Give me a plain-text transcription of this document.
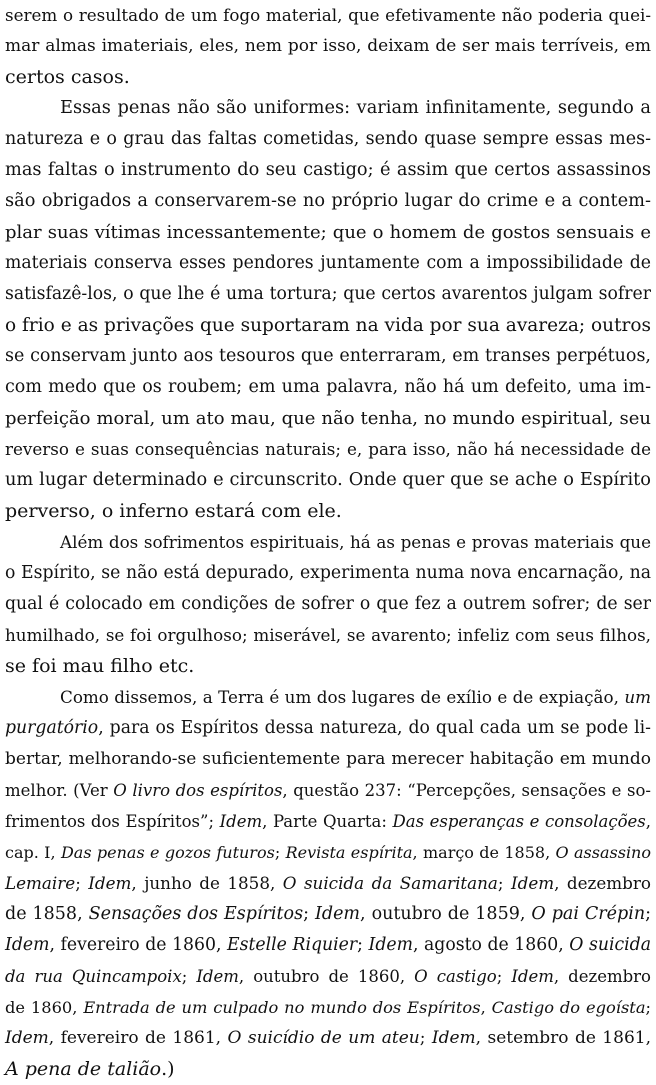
serem o resultado de um fogo material, que efetivamente não poderia quei-
mar almas imateriais, eles, nem por isso, deixam de ser mais terríveis, em
certos casos.
Essas penas não são uniformes: variam infinitamente, segundo a
natureza e o grau das faltas cometidas, sendo quase sempre essas mes-
mas faltas o instrumento do seu castigo; é assim que certos assassinos
são obrigados a conservarem-se no próprio lugar do crime e a contem-
plar suas vítimas incessantemente; que o homem de gostos sensuais e
materiais conserva esses pendores juntamente com a impossibilidade de
satisfazê-los, o que lhe é uma tortura; que certos avarentos julgam sofrer
o frio e as privações que suportaram na vida por sua avareza; outros
se conservam junto aos tesouros que enterraram, em transes perpétuos,
com medo que os roubem; em uma palavra, não há um defeito, uma im-
perfeição moral, um ato mau, que não tenha, no mundo espiritual, seu
reverso e suas consequências naturais; e, para isso, não há necessidade de
um lugar determinado e circunscrito. Onde quer que se ache o Espírito
perverso, o inferno estará com ele.
Além dos sofrimentos espirituais, há as penas e provas materiais que
o Espírito, se não está depurado, experimenta numa nova encarnação, na
qual é colocado em condições de sofrer o que fez a outrem sofrer; de ser
humilhado, se foi orgulhoso; miserável, se avarento; infeliz com seus filhos,
se foi mau filho etc.
Como dissemos, a Terra é um dos lugares de exílio e de expiação, um
purgatório, para os Espíritos dessa natureza, do qual cada um se pode li-
bertar, melhorando-se suficientemente para merecer habitação em mundo
melhor. (Ver O livro dos espíritos, questão 237: “Percepções, sensações e so-
frimentos dos Espíritos”; Idem, Parte Quarta: Das esperanças e consolações,
cap. I, Das penas e gozos futuros; Revista espírita, março de 1858, O assassino
Lemaire; Idem, junho de 1858, O suicida da Samaritana; Idem, dezembro
de 1858, Sensações dos Espíritos; Idem, outubro de 1859, O pai Crépin;
Idem, fevereiro de 1860, Estelle Riquier; Idem, agosto de 1860, O suicida
da rua Quincampoix; Idem, outubro de 1860, O castigo; Idem, dezembro
de 1860, Entrada de um culpado no mundo dos Espíritos, Castigo do egoísta;
Idem, fevereiro de 1861, O suicídio de um ateu; Idem, setembro de 1861,
A pena de talião.)
